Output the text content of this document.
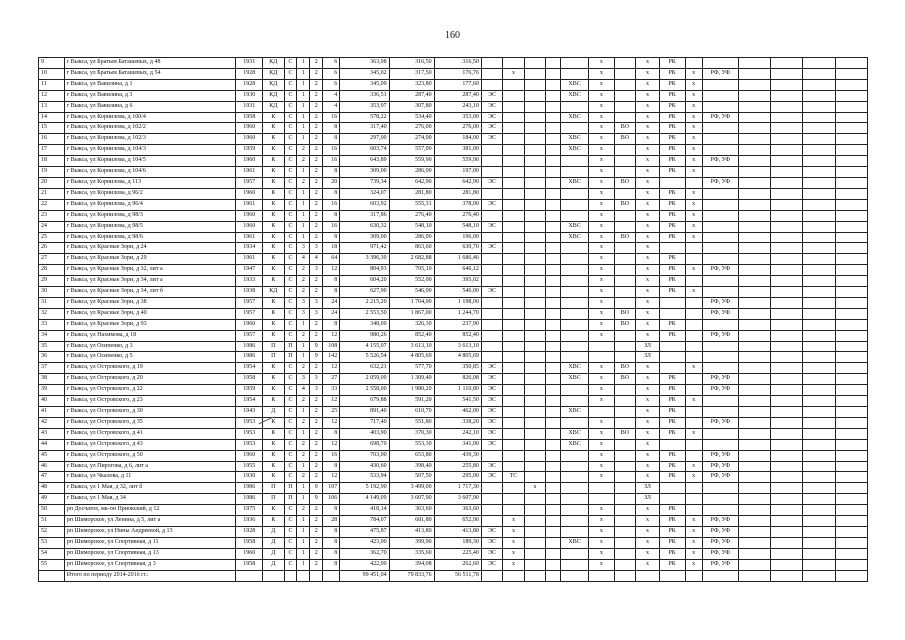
160
9	г Выкса, ул Братьев Баташевых, д 48	1931	КД	С	1	2	6	363,98	316,50	316,50						х		х	РК						
10	г Выкса, ул Братьев Баташевых, д 54	1928	КД	С	1	2	6	345,02	317,50	176,76		х				х		х	РК	х	РФ, УФ				
11	г Выкса, ул Вавилина, д 1	1928	КД	С	1	2	6	345,09	323,80	177,60					ХВС	х		х	РК	х					
12	г Выкса, ул Вавилина, д 3	1930	КД	С	1	2	4	336,51	287,40	287,40	ЭС				ХВС	х		х	РК	х					
13	г Выкса, ул Вавилина, д 6	1931	КД	С	1	2	4	353,97	307,80	243,10	ЭС					х		х	РК	х					
14	г Выкса, ул Корнилова, д 100/4	1958	К	С	1	2	16	578,22	534,40	353,00	ЭС				ХВС	х		х	РК	х	РФ, УФ				
15	г Выкса, ул Корнилова, д 102/2	1960	К	С	1	2	8	317,40	276,00	276,00	ЭС					х	ВО	х	РК	х					
16	г Выкса, ул Корнилова, д 102/3	1960	К	С	1	2	8	297,00	274,00	184,00	ЭС				ХВС	х	ВО	х	РК	х					
17	г Выкса, ул Корнилова, д 104/3	1959	К	С	2	2	16	603,74	557,00	381,00					ХВС	х		х	РК	х					
18	г Выкса, ул Корнилова, д 104/5	1960	К	С	2	2	16	643,89	559,90	559,90						х		х	РК	х	РФ, УФ				
19	г Выкса, ул Корнилова, д 104/6	1961	К	С	1	2	8	309,00	286,00	197,00						х		х	РК	х					
20	г Выкса, ул Корнилова, д 113	1957	К	С	2	2	20	739,34	642,90	642,90	ЭС				ХВС	х	ВО	х			РФ, УФ				
21	г Выкса, ул Корнилова, д 96/2	1960	К	С	1	2	8	324,07	281,80	281,80						х		х	РК	х					
22	г Выкса, ул Корнилова, д 96/4	1961	К	С	1	2	16	603,92	555,31	378,00	ЭС					х	ВО	х	РК	х					
23	г Выкса, ул Корнилова, д 98/3	1960	К	С	1	2	8	317,86	276,40	276,40						х		х	РК	х					
24	г Выкса, ул Корнилова, д 98/5	1960	К	С	1	2	16	630,32	548,10	548,10	ЭС				ХВС	х		х	РК	х					
25	г Выкса, ул Корнилова, д 98/6	1961	К	С	1	2	8	309,00	286,00	196,00					ХВС	х	ВО	х	РК	х					
26	г Выкса, ул Красные Зори, д 24	1934	К	С	3	3	18	971,42	863,60	630,70	ЭС					х		х							
27	г Выкса, ул Красные Зори, д 29	1961	К	С	4	4	64	3 396,30	2 682,88	1 686,46						х		х	РК						
28	г Выкса, ул Красные Зори, д 32, лит а	1947	К	С	2	3	12	804,93	705,10	646,12						х		х	РК	х	РФ, УФ				
29	г Выкса, ул Красные Зори, д 34, лит а	1933	К	С	2	2	8	604,20	552,00	395,02						х		х	РК						
30	г Выкса, ул Красные Зори, д 34, лит б	1938	КД	С	2	2	8	627,90	546,00	546,00	ЭС					х		х	РК	х					
31	г Выкса, ул Красные Зори, д 38	1957	К	С	3	3	24	2 215,20	1 704,00	1 198,00						х		х			РФ, УФ				
32	г Выкса, ул Красные Зори, д 40	1957	К	С	3	3	24	2 553,50	1 867,00	1 244,70						х	ВО	х			РФ, УФ				
33	г Выкса, ул Красные Зори, д 93	1960	К	С	1	2	8	348,00	326,30	237,90						х	ВО	х	РК						
34	г Выкса, ул Нахимова, д 18	1957	К	С	2	2	12	980,26	852,40	852,40						х		х	РК		РФ, УФ				
35	г Выкса, ул Осипенко, д 3	1986	П	П	1	9	108	4 155,07	3 613,10	3 613,10								ЗЛ							
36	г Выкса, ул Осипенко, д 5	1986	П	П	1	9	142	5 526,54	4 805,69	4 805,69								ЗЛ							
37	г Выкса, ул Островского, д 19	1954	К	С	2	2	12	632,21	577,70	350,85	ЭС				ХВС	х	ВО	х		х					
38	г Выкса, ул Островского, д 20	1958	К	С	3	3	27	2 059,00	1 309,40	826,08	ЭС				ХВС	х	ВО	х	РК		РФ, УФ				
39	г Выкса, ул Островского, д 22	1959	К	С	4	3	33	2 558,00	1 980,20	1 110,80	ЭС					х		х	РК		РФ, УФ				
40	г Выкса, ул Островского, д 23	1954	К	С	2	2	12	679,88	591,20	541,50	ЭС					х		х	РК	х					
41	г Выкса, ул Островского, д 30	1943	Д	С	1	2	25	891,40	610,70	462,00	ЭС				ХВС			х	РК						
42	г Выкса, ул Островского, д 35	1953	К	С	2	2	12	717,40	551,80	338,20	ЭС					х		х	РК		РФ, УФ				
43	г Выкса, ул Островского, д 41	1953	К	С	1	2	8	403,90	370,30	242,10	ЭС				ХВС	х	ВО	х	РК	х					
44	г Выкса, ул Островского, д 43	1953	К	С	2	2	12	698,70	553,30	341,00	ЭС				ХВС	х		х							
45	г Выкса, ул Островского, д 50	1960	К	С	2	2	16	703,00	653,80	439,30						х		х	РК		РФ, УФ				
46	г Выкса, ул Пирогова, д 6, лит а	1955	К	С	1	2	8	430,60	398,40	255,80	ЭС					х		х	РК	х	РФ, УФ				
47	г Выкса, ул Чкалова, д 11	1930	К	С	2	2	12	533,94	507,50	295,00	ЭС	ТС				х		х	РК	х	РФ, УФ				
48	г Выкса, ул 1 Мая, д 32, лит б	1986	П	П	1	9	107	5 192,90	3 499,00	1 717,30			х					ЗЛ							
49	г Выкса, ул 1 Мая, д 34	1986	П	П	1	9	106	4 149,09	3 607,90	3 607,90								ЗЛ							
50	рп Досчатое, мк-он Приокский, д 12	1975	К	С	2	2	8	418,14	363,60	363,60						х		х	РК						
51	рп Шиморское, ул Ленина, д 5, лит а	1936	К	С	1	2	28	784,07	681,80	652,90		х				х		х	РК	х	РФ, УФ				
52	рп Шиморское, ул Нины Андреевой, д 13	1928	Д	С	1	2	8	475,87	413,80	413,80	ЭС	х				х		х	РК	х	РФ, УФ				
53	рп Шиморское, ул Спортивная, д 11	1958	Д	С	1	2	8	423,00	399,90	189,30	ЭС	х			ХВС	х		х	РК	х	РФ, УФ				
54	рп Шиморское, ул Спортивная, д 13	1960	Д	С	1	2	8	362,70	335,60	225,40	ЭС	х				х		х	РК	х	РФ, УФ				
55	рп Шиморское, ул Спортивная, д 3	1958	Д	С	1	2	8	422,00	394,08	262,60	ЭС	х				х		х	РК	х	РФ, УФ				
	Итого по периоду 2014-2016 гг.:							99 451,04	79 833,76	56 511,78															
